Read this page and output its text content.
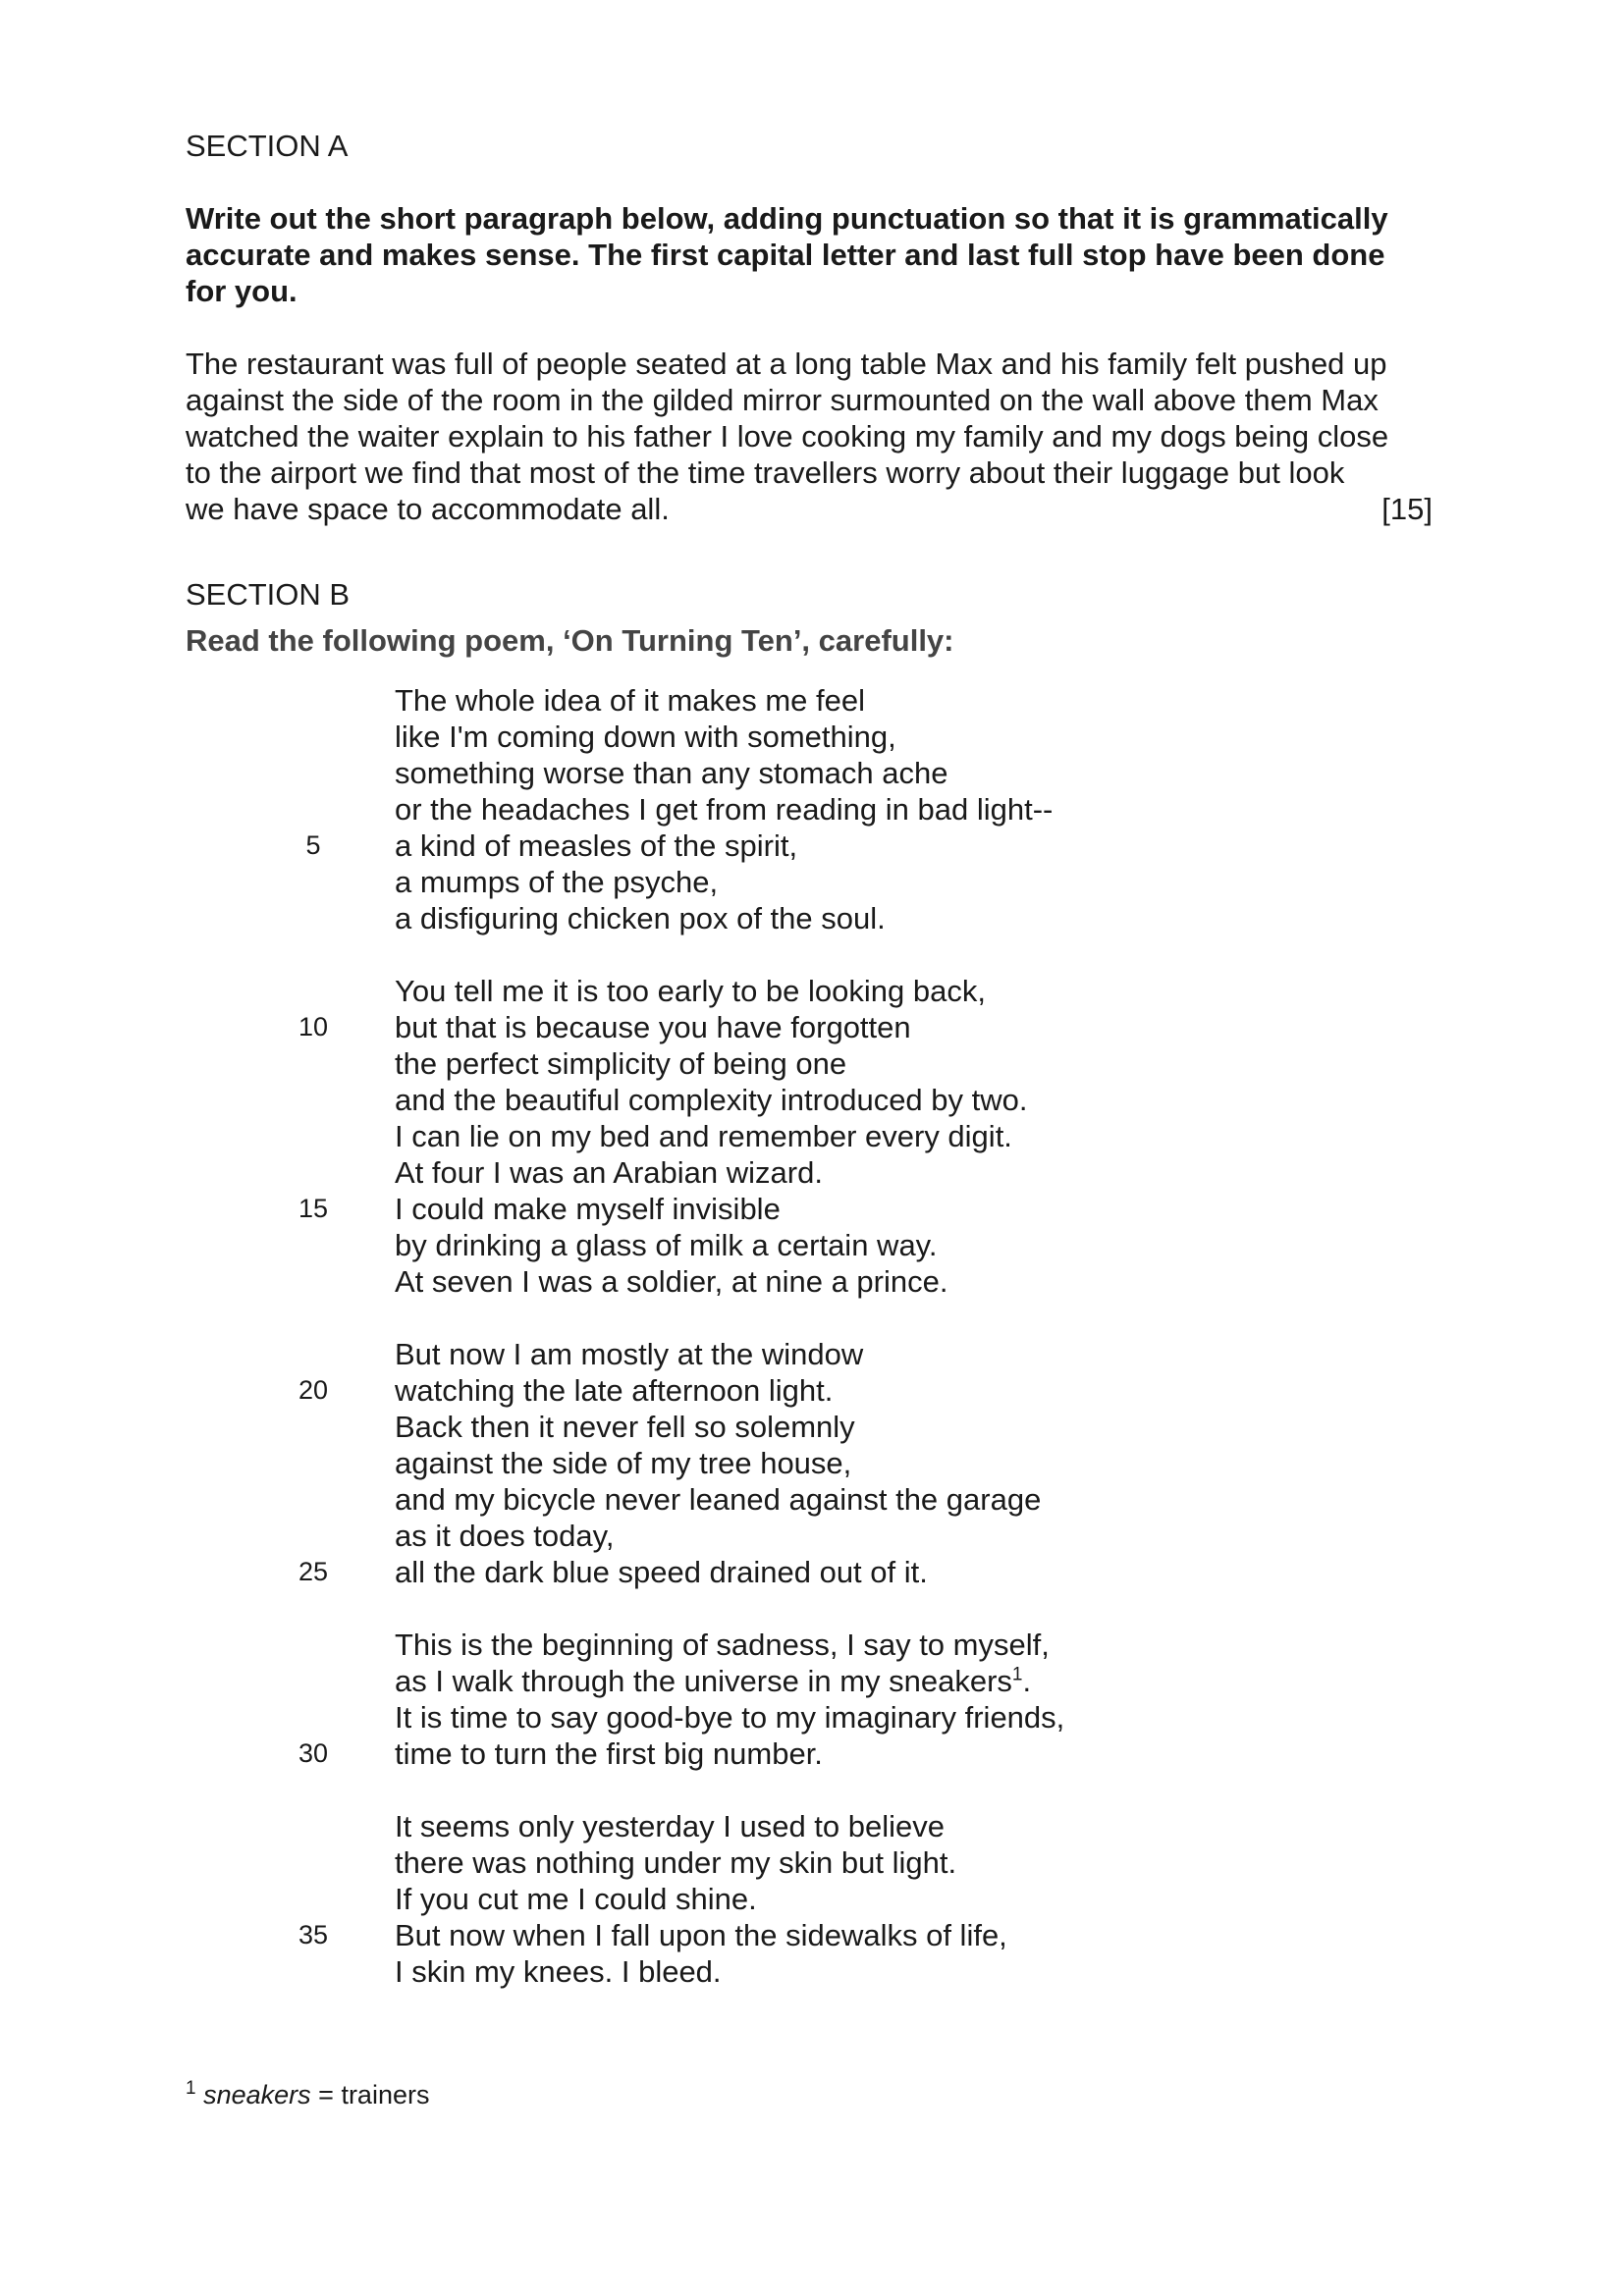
SECTION A
Write out the short paragraph below, adding punctuation so that it is grammatically
accurate and makes sense. The first capital letter and last full stop have been done
for you.
The restaurant was full of people seated at a long table Max and his family felt pushed up
against the side of the room in the gilded mirror surmounted on the wall above them Max
watched the waiter explain to his father I love cooking my family and my dogs being close
to the airport we find that most of the time travellers worry about their luggage but look
we have space to accommodate all.	[15]
SECTION B

Read the following poem, ‘On Turning Ten’, carefully:

The whole idea of it makes me feel
like I'm coming down with something,
something worse than any stomach ache
or the headaches I get from reading in bad light--
5	a kind of measles of the spirit,
a mumps of the psyche,
a disfiguring chicken pox of the soul.
You tell me it is too early to be looking back,
10	but that is because you have forgotten
the perfect simplicity of being one
and the beautiful complexity introduced by two.
I can lie on my bed and remember every digit.
At four I was an Arabian wizard.
15	I could make myself invisible
by drinking a glass of milk a certain way.
At seven I was a soldier, at nine a prince.
But now I am mostly at the window
20	watching the late afternoon light.
Back then it never fell so solemnly
against the side of my tree house,
and my bicycle never leaned against the garage
as it does today,
25	all the dark blue speed drained out of it.
This is the beginning of sadness, I say to myself,
as I walk through the universe in my sneakers$^1$.
It is time to say good-bye to my imaginary friends,
30	time to turn the first big number.
It seems only yesterday I used to believe
there was nothing under my skin but light.
If you cut me I could shine.
35	But now when I fall upon the sidewalks of life,
I skin my knees. I bleed.
$^1$ sneakers = trainers
